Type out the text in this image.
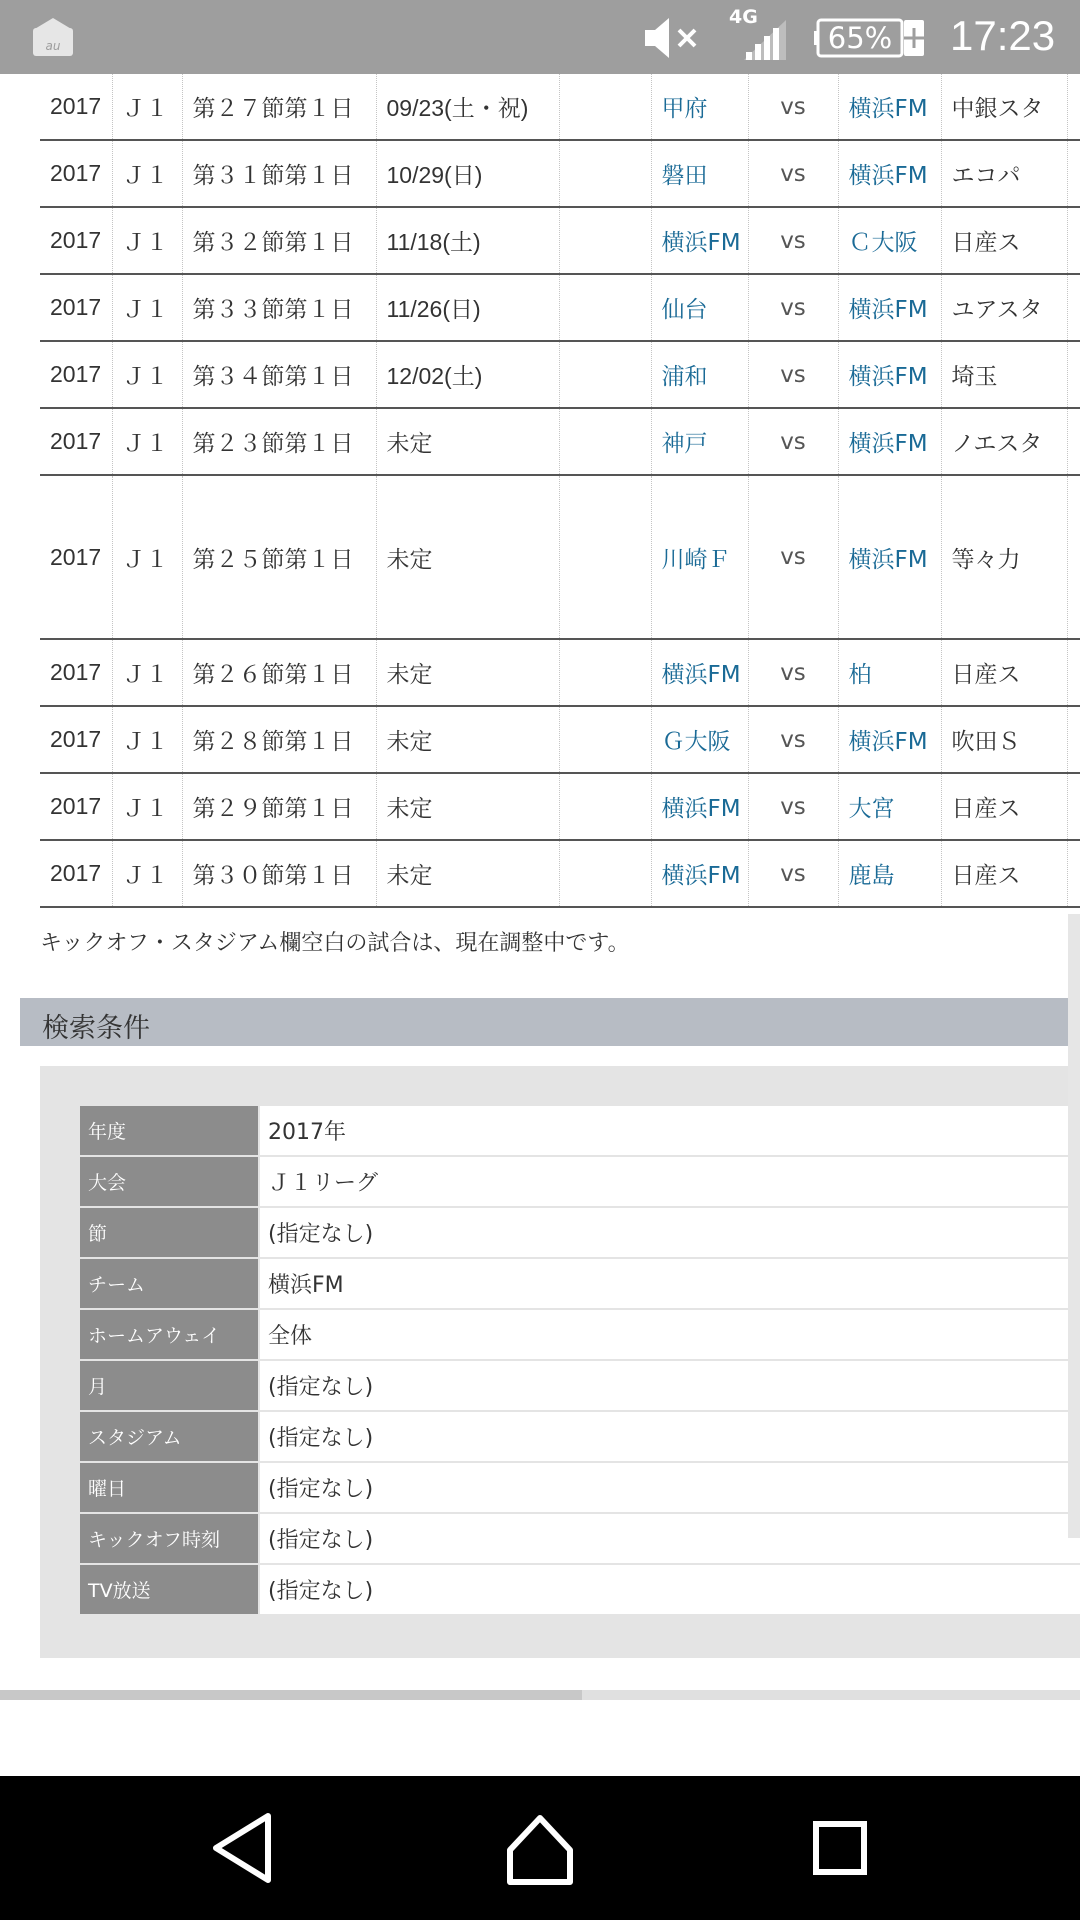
au
4G
65% 17:23
2017	Ｊ１	第２７節第１日	09/23(土・祝)		甲府	vs	横浜FM	中銀スタ	
2017	Ｊ１	第３１節第１日	10/29(日)		磐田	vs	横浜FM	エコパ	
2017	Ｊ１	第３２節第１日	11/18(土)		横浜FM	vs	Ｃ大阪	日産ス	
2017	Ｊ１	第３３節第１日	11/26(日)		仙台	vs	横浜FM	ユアスタ	
2017	Ｊ１	第３４節第１日	12/02(土)		浦和	vs	横浜FM	埼玉	
2017	Ｊ１	第２３節第１日	未定		神戸	vs	横浜FM	ノエスタ	
2017	Ｊ１	第２５節第１日	未定		川崎Ｆ	vs	横浜FM	等々力	
2017	Ｊ１	第２６節第１日	未定		横浜FM	vs	柏	日産ス	
2017	Ｊ１	第２８節第１日	未定		Ｇ大阪	vs	横浜FM	吹田Ｓ	
2017	Ｊ１	第２９節第１日	未定		横浜FM	vs	大宮	日産ス	
2017	Ｊ１	第３０節第１日	未定		横浜FM	vs	鹿島	日産ス	
キックオフ・スタジアム欄空白の試合は、現在調整中です。
検索条件
年度	2017年
大会	Ｊ１リーグ
節	(指定なし)
チーム	横浜FM
ホームアウェイ	全体
月	(指定なし)
スタジアム	(指定なし)
曜日	(指定なし)
キックオフ時刻	(指定なし)
TV放送	(指定なし)
